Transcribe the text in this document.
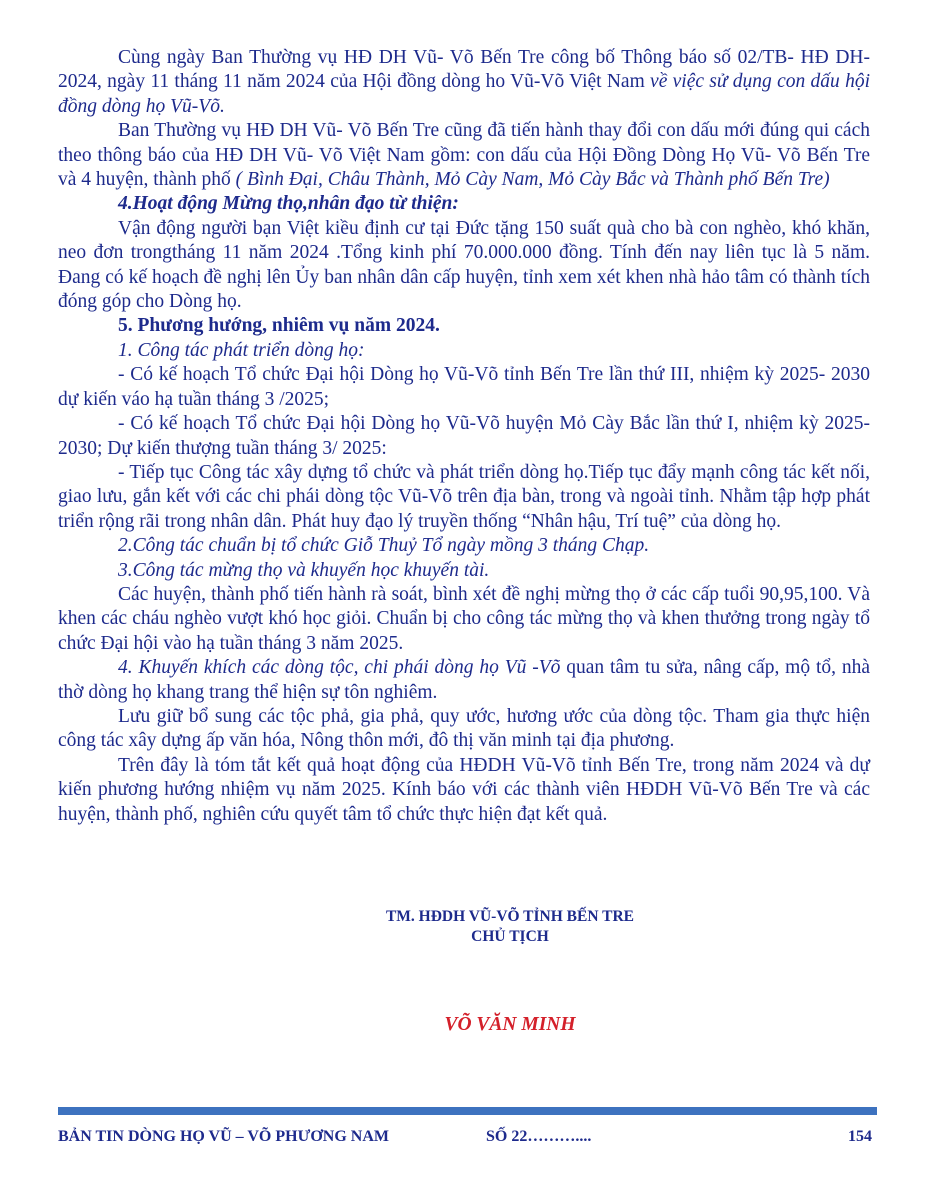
Cùng ngày Ban Thường vụ HĐ DH Vũ- Võ Bến Tre công bố Thông báo số 02/TB- HĐ DH-2024, ngày 11 tháng 11 năm 2024 của Hội đồng dòng ho Vũ-Võ Việt Nam về việc sử dụng con dấu hội đồng dòng họ Vũ-Võ.

Ban Thường vụ HĐ DH Vũ- Võ Bến Tre cũng đã tiến hành thay đổi con dấu mới đúng qui cách theo thông báo của HĐ DH Vũ- Võ Việt Nam gồm: con dấu của Hội Đồng Dòng Họ Vũ- Võ Bến Tre và 4 huyện, thành phố ( Bình Đại, Châu Thành, Mỏ Cày Nam, Mỏ Cày Bắc và Thành phố Bến Tre)

4.Hoạt động Mừng thọ,nhân đạo từ thiện:

Vận động người bạn Việt kiều định cư tại Đức tặng 150 suất quà cho bà con nghèo, khó khăn, neo đơn trongtháng 11 năm 2024 .Tổng kinh phí 70.000.000 đồng. Tính đến nay liên tục là 5 năm. Đang có kế hoạch đề nghị lên Ủy ban nhân dân cấp huyện, tỉnh xem xét khen nhà hảo tâm có thành tích đóng góp cho Dòng họ.

5. Phương hướng, nhiêm vụ năm 2024.

1. Công tác phát triển dòng họ:

- Có kế hoạch Tổ chức Đại hội Dòng họ Vũ-Võ tỉnh Bến Tre lần thứ III, nhiệm kỳ 2025- 2030 dự kiến váo hạ tuần tháng 3 /2025;

- Có kế hoạch Tổ chức Đại hội Dòng họ Vũ-Võ huyện Mỏ Cày Bắc lần thứ I, nhiệm kỳ 2025- 2030; Dự kiến thượng tuần tháng 3/ 2025:

- Tiếp tục Công tác xây dựng tổ chức và phát triển dòng họ.Tiếp tục đẩy mạnh công tác kết nối, giao lưu, gắn kết với các chi phái dòng tộc Vũ-Võ trên địa bàn, trong và ngoài tỉnh. Nhằm tập hợp phát triển rộng rãi trong nhân dân. Phát huy đạo lý truyền thống “Nhân hậu, Trí tuệ” của dòng họ.

2.Công tác chuẩn bị tổ chức Giỗ Thuỷ Tổ ngày mồng 3 tháng Chạp.

3.Công tác mừng thọ và khuyến học khuyến tài.

Các huyện, thành phố tiến hành rà soát, bình xét đề nghị mừng thọ ở các cấp tuổi 90,95,100. Và khen các cháu nghèo vượt khó học giỏi. Chuẩn bị cho công tác mừng thọ và khen thưởng trong ngày tổ chức Đại hội vào hạ tuần tháng 3 năm 2025.

4. Khuyến khích các dòng tộc, chi phái dòng họ Vũ -Võ quan tâm tu sửa, nâng cấp, mộ tổ, nhà thờ dòng họ khang trang thể hiện sự tôn nghiêm.

Lưu giữ bổ sung các tộc phả, gia phả, quy ước, hương ước của dòng tộc. Tham gia thực hiện công tác xây dựng ấp văn hóa, Nông thôn mới, đô thị văn minh tại địa phương.

Trên đây là tóm tắt kết quả hoạt động của HĐDH Vũ-Võ tỉnh Bến Tre, trong năm 2024 và dự kiến phương hướng nhiệm vụ năm 2025. Kính báo với các thành viên HĐDH Vũ-Võ Bến Tre và các huyện, thành phố, nghiên cứu quyết tâm tổ chức thực hiện đạt kết quả.

TM. HĐDH VŨ-VÕ TỈNH BẾN TRE
CHỦ TỊCH
VÕ VĂN MINH
BẢN TIN DÒNG HỌ VŨ – VÕ PHƯƠNG NAM	SỐ 22………....	154
